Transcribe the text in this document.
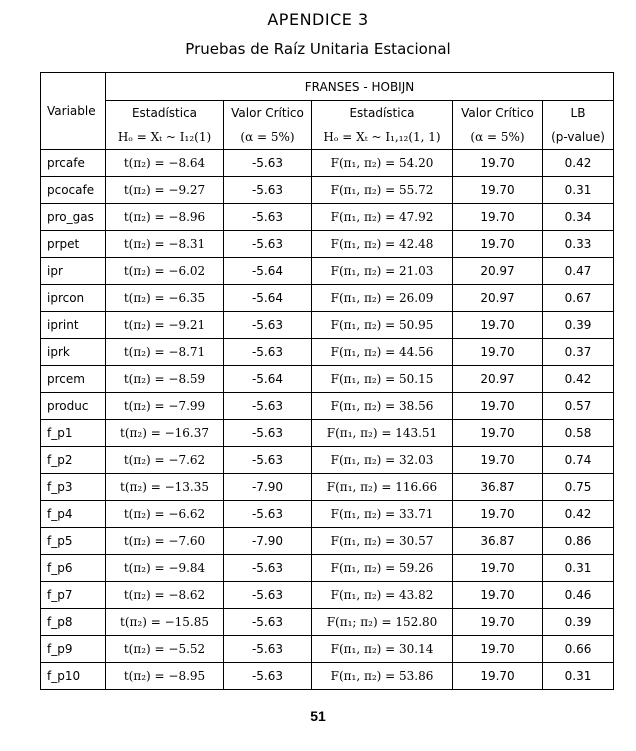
APENDICE 3
Pruebas de Raíz Unitaria Estacional
Variable	FRANSES - HOBIJN				
	Estadística	Valor Crítico	Estadística	Valor Crítico	LB
	Hₒ = Xₜ ~ I₁₂(1)	(α = 5%)	Hₒ = Xₜ ~ I₁,₁₂(1, 1)	(α = 5%)	(p-value)
prcafe	t(π₂) = −8.64	-5.63	F(π₁, π₂) = 54.20	19.70	0.42
pcocafe	t(π₂) = −9.27	-5.63	F(π₁, π₂) = 55.72	19.70	0.31
pro_gas	t(π₂) = −8.96	-5.63	F(π₁, π₂) = 47.92	19.70	0.34
prpet	t(π₂) = −8.31	-5.63	F(π₁, π₂) = 42.48	19.70	0.33
ipr	t(π₂) = −6.02	-5.64	F(π₁, π₂) = 21.03	20.97	0.47
iprcon	t(π₂) = −6.35	-5.64	F(π₁, π₂) = 26.09	20.97	0.67
iprint	t(π₂) = −9.21	-5.63	F(π₁, π₂) = 50.95	19.70	0.39
iprk	t(π₂) = −8.71	-5.63	F(π₁, π₂) = 44.56	19.70	0.37
prcem	t(π₂) = −8.59	-5.64	F(π₁, π₂) = 50.15	20.97	0.42
produc	t(π₂) = −7.99	-5.63	F(π₁, π₂) = 38.56	19.70	0.57
f_p1	t(π₂) = −16.37	-5.63	F(π₁, π₂) = 143.51	19.70	0.58
f_p2	t(π₂) = −7.62	-5.63	F(π₁, π₂) = 32.03	19.70	0.74
f_p3	t(π₂) = −13.35	-7.90	F(π₁, π₂) = 116.66	36.87	0.75
f_p4	t(π₂) = −6.62	-5.63	F(π₁, π₂) = 33.71	19.70	0.42
f_p5	t(π₂) = −7.60	-7.90	F(π₁, π₂) = 30.57	36.87	0.86
f_p6	t(π₂) = −9.84	-5.63	F(π₁, π₂) = 59.26	19.70	0.31
f_p7	t(π₂) = −8.62	-5.63	F(π₁, π₂) = 43.82	19.70	0.46
f_p8	t(π₂) = −15.85	-5.63	F(π₁; π₂) = 152.80	19.70	0.39
f_p9	t(π₂) = −5.52	-5.63	F(π₁, π₂) = 30.14	19.70	0.66
f_p10	t(π₂) = −8.95	-5.63	F(π₁, π₂) = 53.86	19.70	0.31
51
